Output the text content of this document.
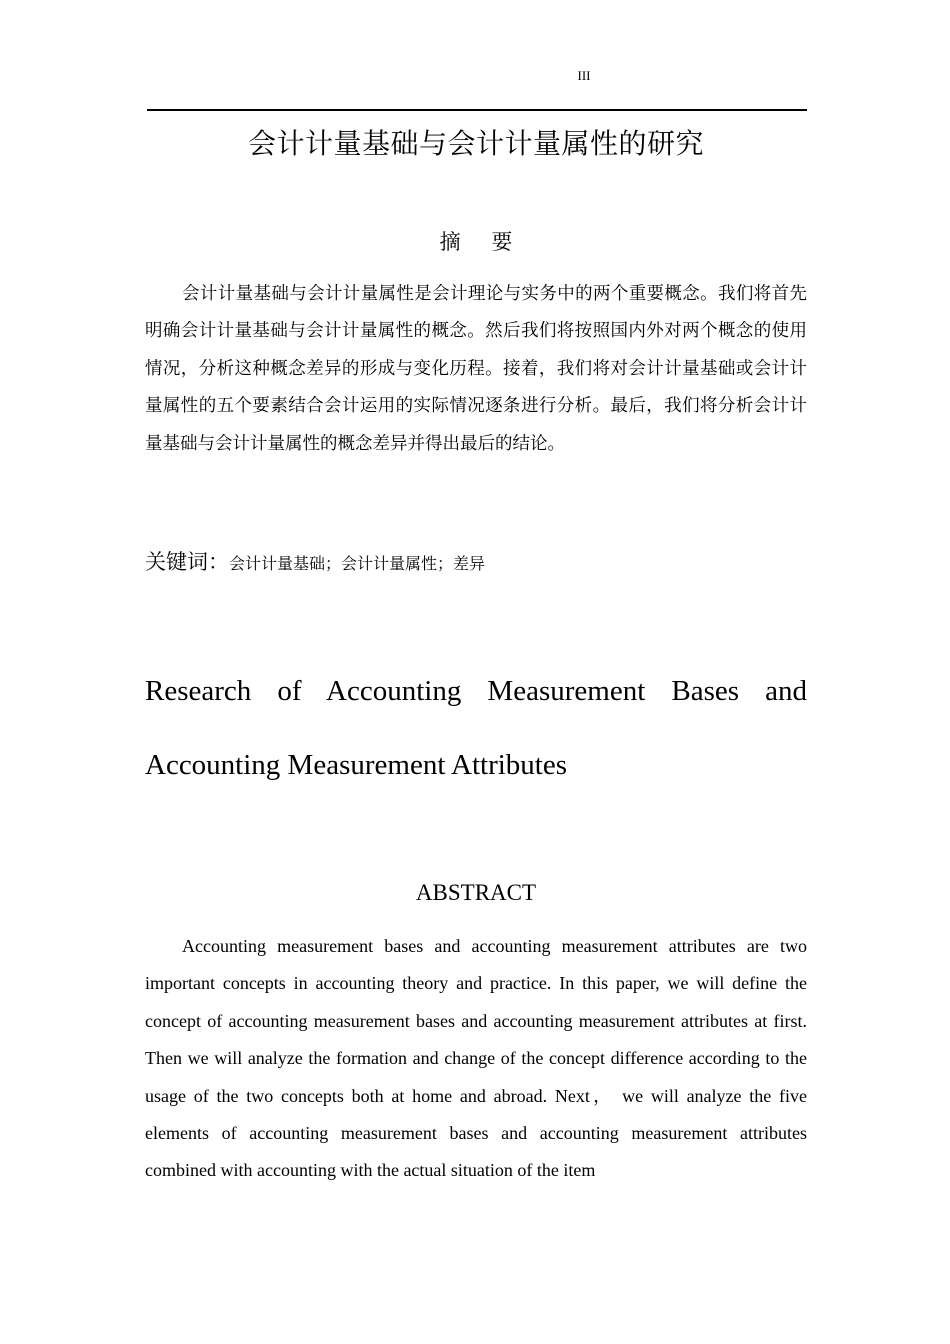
III
会计计量基础与会计计量属性的研究
摘 要

会计计量基础与会计计量属性是会计理论与实务中的两个重要概念。我们将首先明确会计计量基础与会计计量属性的概念。然后我们将按照国内外对两个概念的使用情况，分析这种概念差异的形成与变化历程。接着，我们将对会计计量基础或会计计量属性的五个要素结合会计运用的实际情况逐条进行分析。最后，我们将分析会计计量基础与会计计量属性的概念差异并得出最后的结论。

关键词：会计计量基础；会计计量属性；差异
Research of Accounting Measurement Bases and
Accounting Measurement Attributes
ABSTRACT

Accounting measurement bases and accounting measurement attributes are two important concepts in accounting theory and practice. In this paper, we will define the concept of accounting measurement bases and accounting measurement attributes at first. Then we will analyze the formation and change of the concept difference according to the usage of the two concepts both at home and abroad. Next， we will analyze the five elements of accounting measurement bases and accounting measurement attributes combined with accounting with the actual situation of the item
